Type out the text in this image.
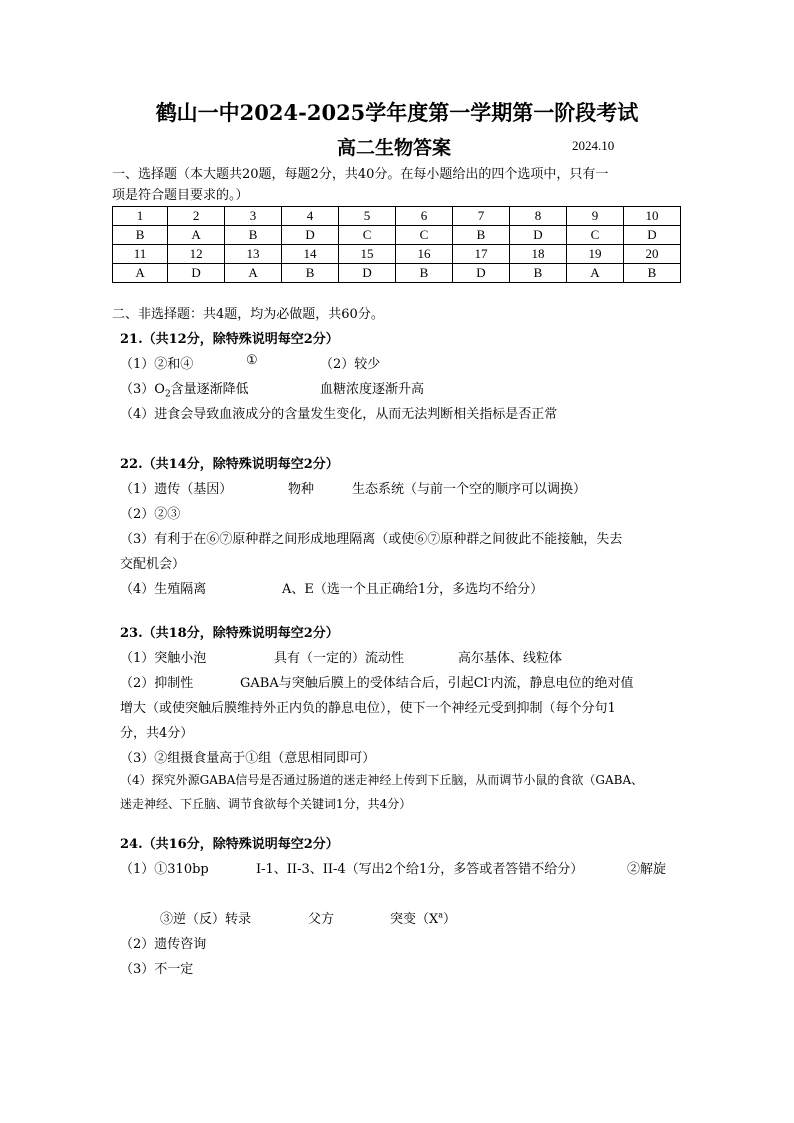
鹤山一中2024-2025学年度第一学期第一阶段考试
高二生物答案	2024.10
一、选择题（本大题共20题，每题2分，共40分。在每小题给出的四个选项中，只有一
项是符合题目要求的。）
1	2	3	4	5	6	7	8	9	10
B	A	B	D	C	C	B	D	C	D
11	12	13	14	15	16	17	18	19	20
A	D	A	B	D	B	D	B	A	B
二、非选择题：共4题，均为必做题，共60分。
21.（共12分，除特殊说明每空2分）
（1）②和④	①	（2）较少
$(3)O_2$含量逐渐降低	血糖浓度逐渐升高
（4）进食会导致血液成分的含量发生变化，从而无法判断相关指标是否正常
22.（共14分，除特殊说明每空2分）
（1）遗传（基因）	物种	生态系统（与前一个空的顺序可以调换）
（2）②③
（3）有利于在⑥⑦原种群之间形成地理隔离（或使⑥⑦原种群之间彼此不能接触，失去
交配机会）
（4）生殖隔离	A、E（选一个且正确给1分，多选均不给分）
23.（共18分，除特殊说明每空2分）
（1）突触小泡	具有（一定的）流动性	高尔基体、线粒体
（2）抑制性	GABA与突触后膜上的受体结合后，引起Cl-内流，静息电位的绝对值
增大（或使突触后膜维持外正内负的静息电位），使下一个神经元受到抑制（每个分句1
分，共4分）
（3）②组摄食量高于①组（意思相同即可）
（4）探究外源GABA信号是否通过肠道的迷走神经上传到下丘脑，从而调节小鼠的食欲（GABA、
迷走神经、下丘脑、调节食欲每个关键词1分，共4分）
24.（共16分，除特殊说明每空2分）
（1）①310bp	I-1、II-3、II-4（写出2个给1分，多答或者答错不给分）	②解旋
③逆（反）转录	父方	突变$(X^a)$
（2）遗传咨询
（3）不一定
